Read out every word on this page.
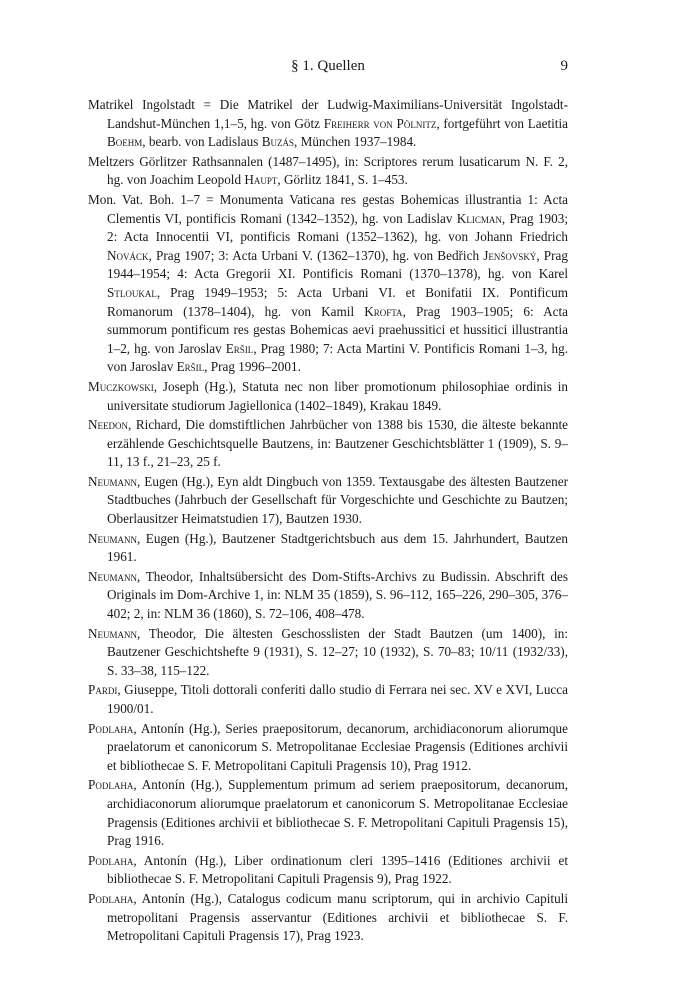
§ 1. Quellen	9

Matrikel Ingolstadt = Die Matrikel der Ludwig-Maximilians-Universität Ingolstadt-Landshut-München 1,1–5, hg. von Götz Freiherr von Pölnitz, fortgeführt von Laetitia Boehm, bearb. von Ladislaus Buzás, München 1937–1984.

Meltzers Görlitzer Rathsannalen (1487–1495), in: Scriptores rerum lusaticarum N. F. 2, hg. von Joachim Leopold Haupt, Görlitz 1841, S. 1–453.

Mon. Vat. Boh. 1–7 = Monumenta Vaticana res gestas Bohemicas illustrantia 1: Acta Clementis VI, pontificis Romani (1342–1352), hg. von Ladislav Klicman, Prag 1903; 2: Acta Innocentii VI, pontificis Romani (1352–1362), hg. von Johann Friedrich Nováck, Prag 1907; 3: Acta Urbani V. (1362–1370), hg. von Bedřich Jenšovský, Prag 1944–1954; 4: Acta Gregorii XI. Pontificis Romani (1370–1378), hg. von Karel Stloukal, Prag 1949–1953; 5: Acta Urbani VI. et Bonifatii IX. Pontificum Romanorum (1378–1404), hg. von Kamil Krofta, Prag 1903–1905; 6: Acta summorum pontificum res gestas Bohemicas aevi praehussitici et hussitici illustrantia 1–2, hg. von Jaroslav Eršil, Prag 1980; 7: Acta Martini V. Pontificis Romani 1–3, hg. von Jaroslav Eršil, Prag 1996–2001.

Muczkowski, Joseph (Hg.), Statuta nec non liber promotionum philosophiae ordinis in universitate studiorum Jagiellonica (1402–1849), Krakau 1849.

Needon, Richard, Die domstiftlichen Jahrbücher von 1388 bis 1530, die älteste bekannte erzählende Geschichtsquelle Bautzens, in: Bautzener Geschichtsblätter 1 (1909), S. 9–11, 13 f., 21–23, 25 f.

Neumann, Eugen (Hg.), Eyn aldt Dingbuch von 1359. Textausgabe des ältesten Bautzener Stadtbuches (Jahrbuch der Gesellschaft für Vorgeschichte und Geschichte zu Bautzen; Oberlausitzer Heimatstudien 17), Bautzen 1930.

Neumann, Eugen (Hg.), Bautzener Stadtgerichtsbuch aus dem 15. Jahrhundert, Bautzen 1961.

Neumann, Theodor, Inhaltsübersicht des Dom-Stifts-Archivs zu Budissin. Abschrift des Originals im Dom-Archive 1, in: NLM 35 (1859), S. 96–112, 165–226, 290–305, 376–402; 2, in: NLM 36 (1860), S. 72–106, 408–478.

Neumann, Theodor, Die ältesten Geschosslisten der Stadt Bautzen (um 1400), in: Bautzener Geschichtshefte 9 (1931), S. 12–27; 10 (1932), S. 70–83; 10/11 (1932/33), S. 33–38, 115–122.

Pardi, Giuseppe, Titoli dottorali conferiti dallo studio di Ferrara nei sec. XV e XVI, Lucca 1900/01.

Podlaha, Antonín (Hg.), Series praepositorum, decanorum, archidiaconorum aliorumque praelatorum et canonicorum S. Metropolitanae Ecclesiae Pragensis (Editiones archivii et bibliothecae S. F. Metropolitani Capituli Pragensis 10), Prag 1912.

Podlaha, Antonín (Hg.), Supplementum primum ad seriem praepositorum, decanorum, archidiaconorum aliorumque praelatorum et canonicorum S. Metropolitanae Ecclesiae Pragensis (Editiones archivii et bibliothecae S. F. Metropolitani Capituli Pragensis 15), Prag 1916.

Podlaha, Antonín (Hg.), Liber ordinationum cleri 1395–1416 (Editiones archivii et bibliothecae S. F. Metropolitani Capituli Pragensis 9), Prag 1922.

Podlaha, Antonín (Hg.), Catalogus codicum manu scriptorum, qui in archivio Capituli metropolitani Pragensis asservantur (Editiones archivii et bibliothecae S. F. Metropolitani Capituli Pragensis 17), Prag 1923.
